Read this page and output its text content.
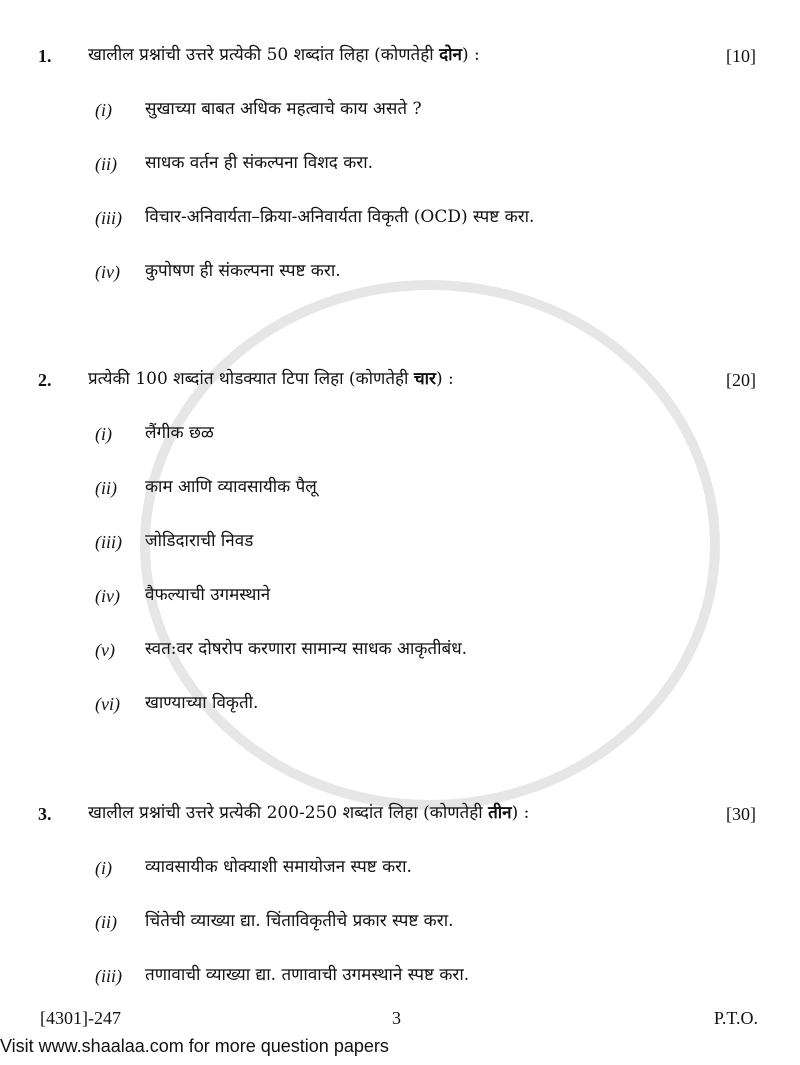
1. खालील प्रश्नांची उत्तरे प्रत्येकी 50 शब्दांत लिहा (कोणतेही दोन) :	[10]
(i) सुखाच्या बाबत अधिक महत्वाचे काय असते ?
(ii) साधक वर्तन ही संकल्पना विशद करा.
(iii) विचार-अनिवार्यता–क्रिया-अनिवार्यता विकृती (OCD) स्पष्ट करा.
(iv) कुपोषण ही संकल्पना स्पष्ट करा.
2. प्रत्येकी 100 शब्दांत थोडक्यात टिपा लिहा (कोणतेही चार) :	[20]
(i) लैंगीक छळ
(ii) काम आणि व्यावसायीक पैलू
(iii) जोडिदाराची निवड
(iv) वैफल्याची उगमस्थाने
(v) स्वत:वर दोषरोप करणारा सामान्य साधक आकृतीबंध.
(vi) खाण्याच्या विकृती.
3. खालील प्रश्नांची उत्तरे प्रत्येकी 200-250 शब्दांत लिहा (कोणतेही तीन) :	[30]
(i) व्यावसायीक धोक्याशी समायोजन स्पष्ट करा.
(ii) चिंतेची व्याख्या द्या. चिंताविकृतीचे प्रकार स्पष्ट करा.
(iii) तणावाची व्याख्या द्या. तणावाची उगमस्थाने स्पष्ट करा.
[4301]-247	3	P.T.O.
Visit www.shaalaa.com for more question papers
